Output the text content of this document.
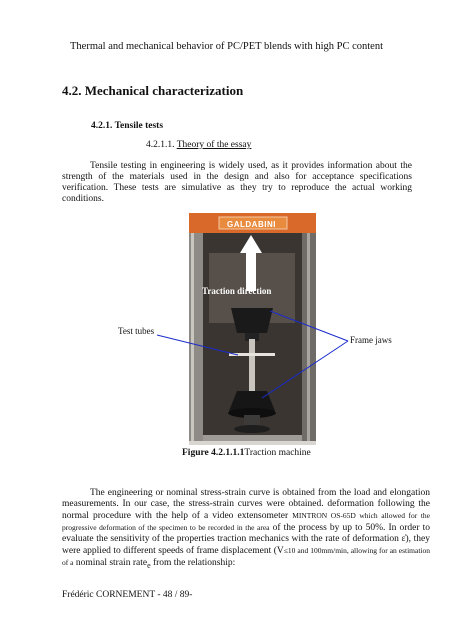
Thermal and mechanical behavior of PC/PET blends with high PC content
4.2. Mechanical characterization
4.2.1. Tensile tests
4.2.1.1. Theory of the essay
Tensile testing in engineering is widely used, as it provides information about the strength of the materials used in the design and also for acceptance specifications verification. These tests are simulative as they try to reproduce the actual working conditions.
GALDABINI
Traction direction
Test tubes
Frame jaws
Figure 4.2.1.1.1Traction machine
The engineering or nominal stress-strain curve is obtained from the load and elongation measurements. In our case, the stress-strain curves were obtained. deformation following the normal procedure with the help of a video extensometer MINTRON OS-65D which allowed for the progressive deformation of the specimen to be recorded in the area of the process by up to 50%. In order to evaluate the sensitivity of the properties traction mechanics with the rate of deformation ε̇), they were applied to different speeds of frame displacement (V≤10 and 100mm/min, allowing for an estimation of a nominal strain rate$_e$ from the relationship:
Frédéric CORNEMENT - 48 / 89-
